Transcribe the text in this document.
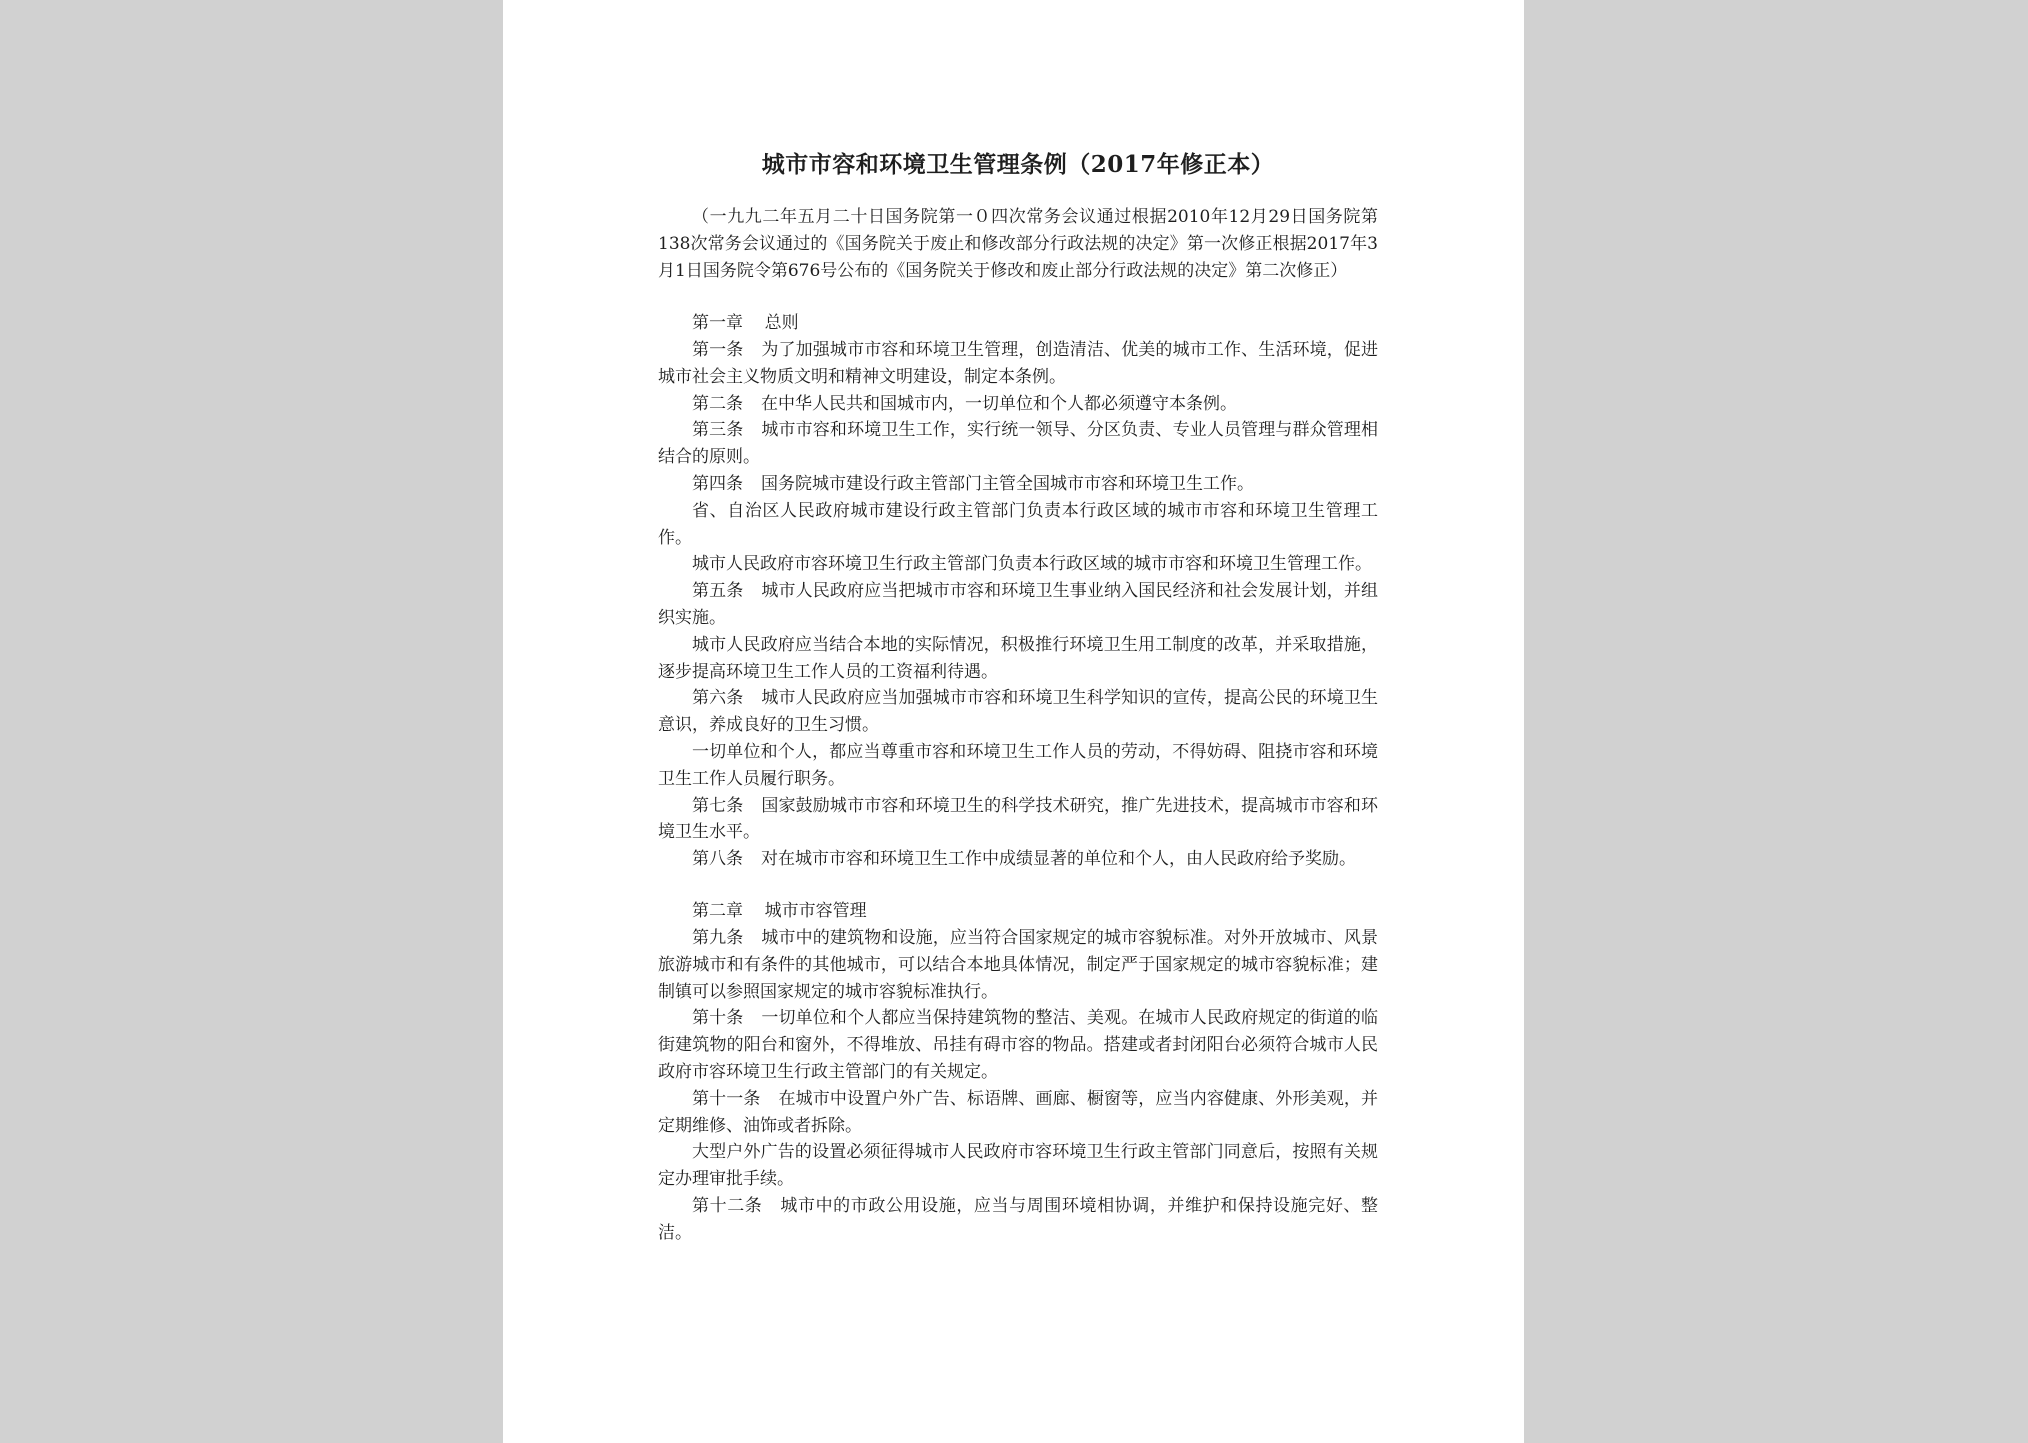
城市市容和环境卫生管理条例（2017年修正本）

（一九九二年五月二十日国务院第一０四次常务会议通过根据2010年12月29日国务院第138次常务会议通过的《国务院关于废止和修改部分行政法规的决定》第一次修正根据2017年3月1日国务院令第676号公布的《国务院关于修改和废止部分行政法规的决定》第二次修正）

第一章 总则

第一条 为了加强城市市容和环境卫生管理，创造清洁、优美的城市工作、生活环境，促进城市社会主义物质文明和精神文明建设，制定本条例。

第二条 在中华人民共和国城市内，一切单位和个人都必须遵守本条例。

第三条 城市市容和环境卫生工作，实行统一领导、分区负责、专业人员管理与群众管理相结合的原则。

第四条 国务院城市建设行政主管部门主管全国城市市容和环境卫生工作。

省、自治区人民政府城市建设行政主管部门负责本行政区域的城市市容和环境卫生管理工作。

城市人民政府市容环境卫生行政主管部门负责本行政区域的城市市容和环境卫生管理工作。

第五条 城市人民政府应当把城市市容和环境卫生事业纳入国民经济和社会发展计划，并组织实施。

城市人民政府应当结合本地的实际情况，积极推行环境卫生用工制度的改革，并采取措施，逐步提高环境卫生工作人员的工资福利待遇。

第六条 城市人民政府应当加强城市市容和环境卫生科学知识的宣传，提高公民的环境卫生意识，养成良好的卫生习惯。

一切单位和个人，都应当尊重市容和环境卫生工作人员的劳动，不得妨碍、阻挠市容和环境卫生工作人员履行职务。

第七条 国家鼓励城市市容和环境卫生的科学技术研究，推广先进技术，提高城市市容和环境卫生水平。

第八条 对在城市市容和环境卫生工作中成绩显著的单位和个人，由人民政府给予奖励。

第二章 城市市容管理

第九条 城市中的建筑物和设施，应当符合国家规定的城市容貌标准。对外开放城市、风景旅游城市和有条件的其他城市，可以结合本地具体情况，制定严于国家规定的城市容貌标准；建制镇可以参照国家规定的城市容貌标准执行。

第十条 一切单位和个人都应当保持建筑物的整洁、美观。在城市人民政府规定的街道的临街建筑物的阳台和窗外，不得堆放、吊挂有碍市容的物品。搭建或者封闭阳台必须符合城市人民政府市容环境卫生行政主管部门的有关规定。

第十一条 在城市中设置户外广告、标语牌、画廊、橱窗等，应当内容健康、外形美观，并定期维修、油饰或者拆除。

大型户外广告的设置必须征得城市人民政府市容环境卫生行政主管部门同意后，按照有关规定办理审批手续。

第十二条 城市中的市政公用设施，应当与周围环境相协调，并维护和保持设施完好、整洁。
